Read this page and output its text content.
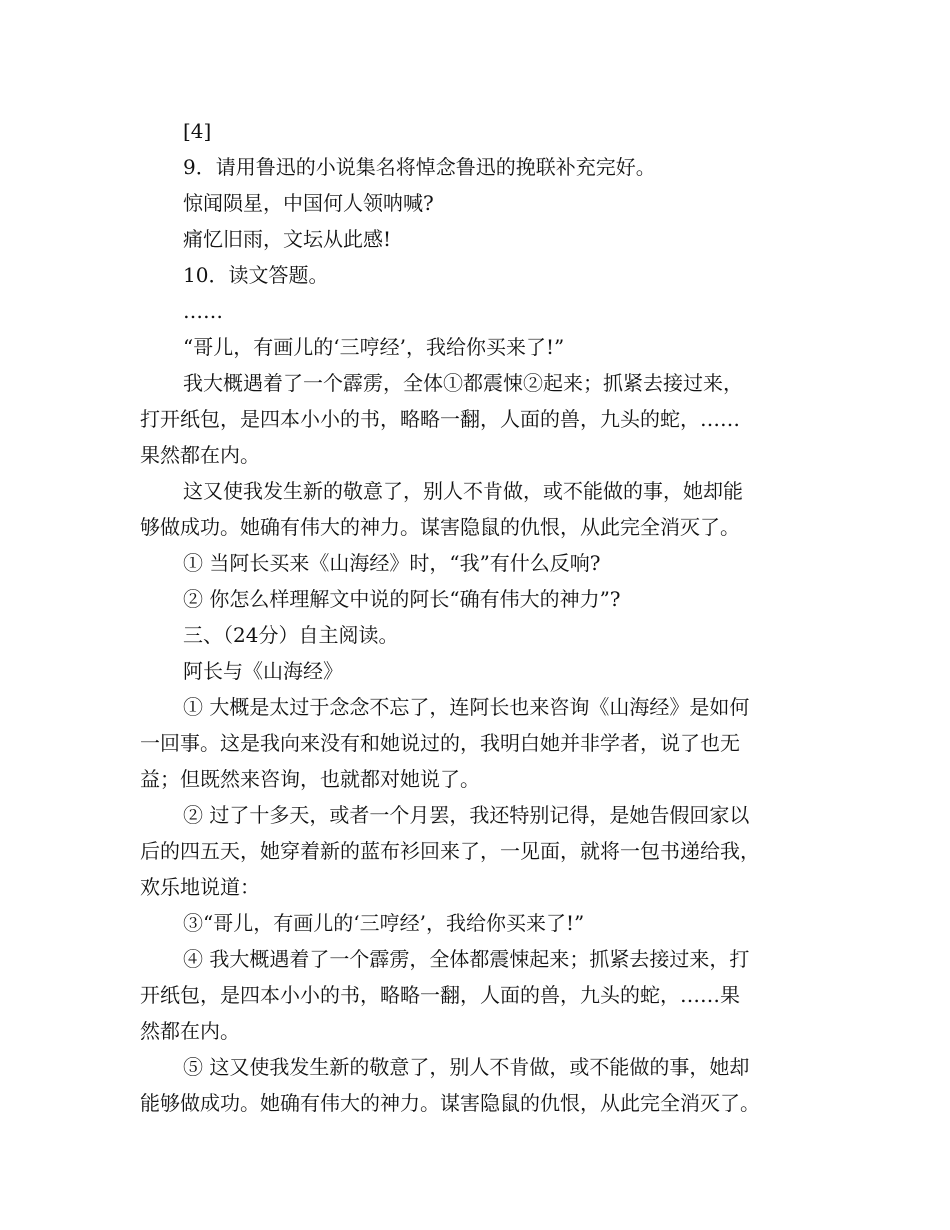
[4]

9．请用鲁迅的小说集名将悼念鲁迅的挽联补充完好。

惊闻陨星，中国何人领呐喊?

痛忆旧雨，文坛从此感!

10．读文答题。

……

“哥儿，有画儿的‘三哼经’，我给你买来了!”

我大概遇着了一个霹雳，全体①都震悚②起来；抓紧去接过来，
打开纸包，是四本小小的书，略略一翻，人面的兽，九头的蛇，……
果然都在内。
这又使我发生新的敬意了，别人不肯做，或不能做的事，她却能
够做成功。她确有伟大的神力。谋害隐鼠的仇恨，从此完全消灭了。

① 当阿长买来《山海经》时，“我”有什么反响?

② 你怎么样理解文中说的阿长“确有伟大的神力”?

三、（24分）自主阅读。

阿长与《山海经》

① 大概是太过于念念不忘了，连阿长也来咨询《山海经》是如何
一回事。这是我向来没有和她说过的，我明白她并非学者，说了也无
益；但既然来咨询，也就都对她说了。
② 过了十多天，或者一个月罢，我还特别记得，是她告假回家以
后的四五天，她穿着新的蓝布衫回来了，一见面，就将一包书递给我，
欢乐地说道：

③“哥儿，有画儿的‘三哼经’，我给你买来了!”

④ 我大概遇着了一个霹雳，全体都震悚起来；抓紧去接过来，打
开纸包，是四本小小的书，略略一翻，人面的兽，九头的蛇，……果
然都在内。
⑤ 这又使我发生新的敬意了，别人不肯做，或不能做的事，她却
能够做成功。她确有伟大的神力。谋害隐鼠的仇恨，从此完全消灭了。
